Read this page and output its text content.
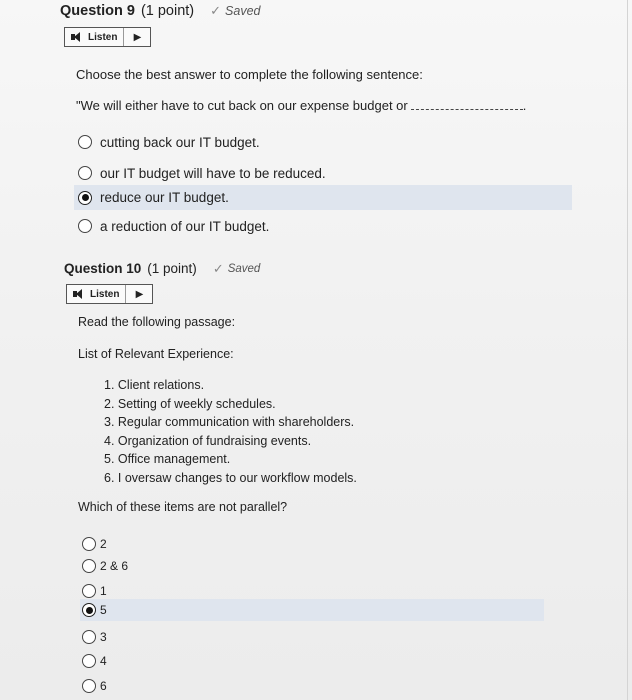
Question 9 (1 point) ✓ Saved
Listen	▶
Choose the best answer to complete the following sentence:
"We will either have to cut back on our expense budget or	.
cutting back our IT budget.
our IT budget will have to be reduced.
reduce our IT budget.
a reduction of our IT budget.
Question 10 (1 point) ✓ Saved
Listen	▶
Read the following passage:
List of Relevant Experience:
1. Client relations.
2. Setting of weekly schedules.
3. Regular communication with shareholders.
4. Organization of fundraising events.
5. Office management.
6. I oversaw changes to our workflow models.
Which of these items are not parallel?
2
2 & 6
1
5
3
4
6
